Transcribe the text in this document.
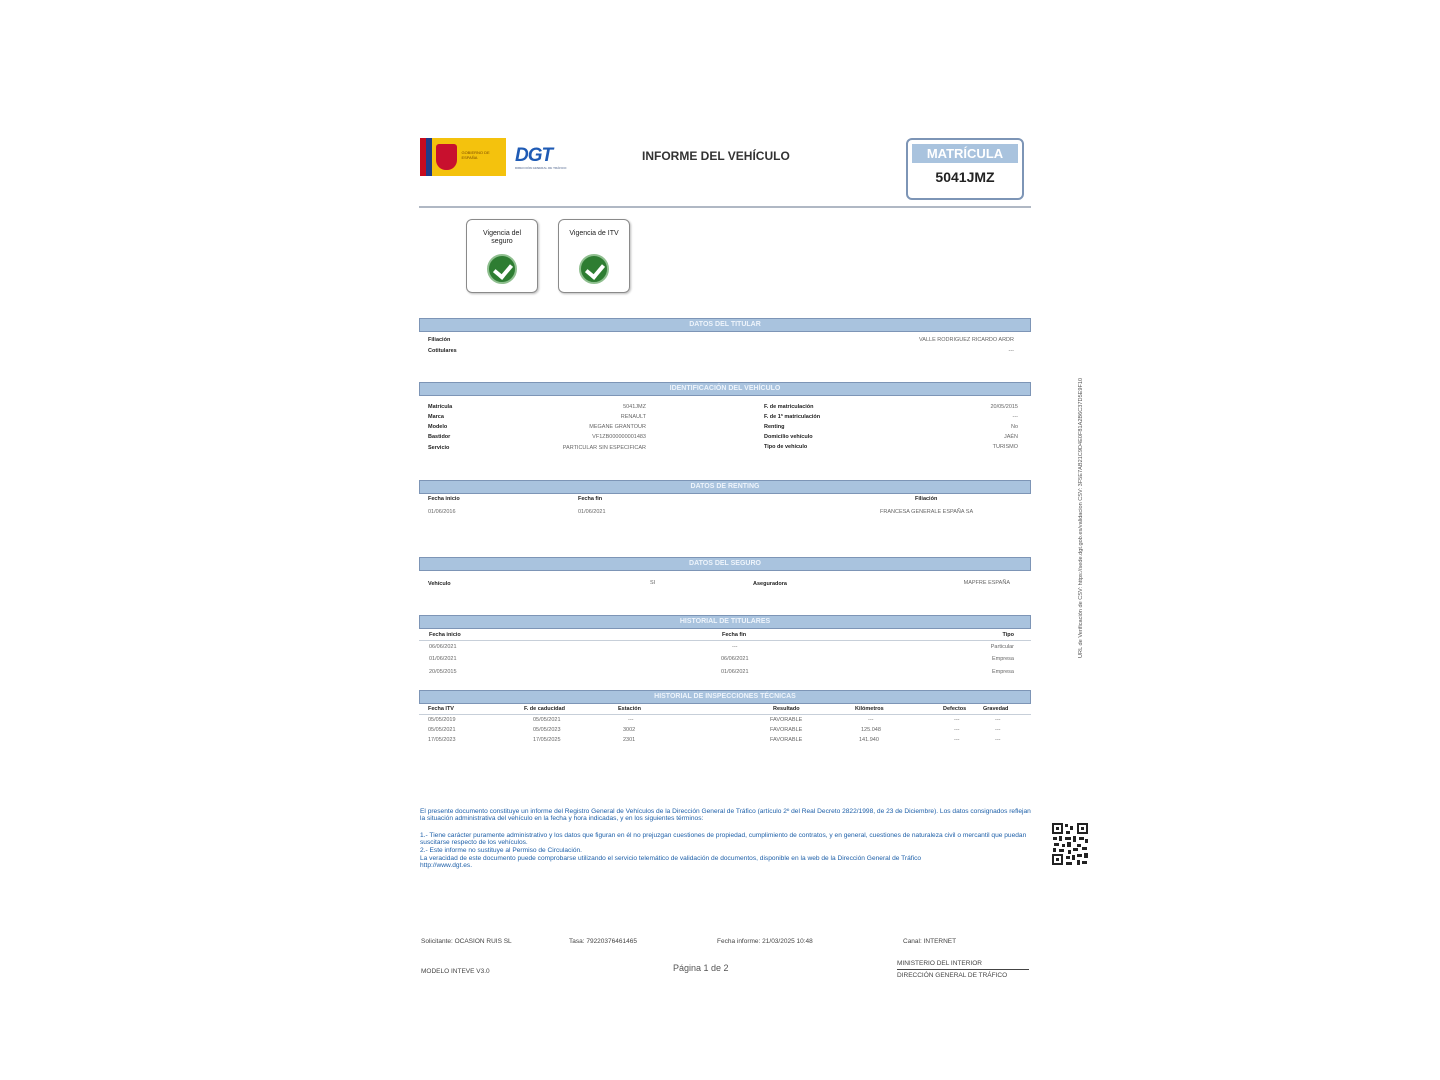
GOBIERNO DE ESPAÑA	DGT
DIRECCIÓN GENERAL DE TRÁFICO
INFORME DEL VEHÍCULO	MATRÍCULA
5041JMZ
Vigencia del seguro
Vigencia de ITV
DATOS DEL TITULAR
Filiación	VALLE RODRIGUEZ RICARDO ARDR
Cotitulares	---
IDENTIFICACIÓN DEL VEHÍCULO
Matrícula	5041JMZ
Marca	RENAULT
Modelo	MEGANE GRANTOUR
Bastidor	VF1ZB000000001483
Servicio	PARTICULAR SIN ESPECIFICAR
F. de matriculación	20/05/2015
F. de 1ª matriculación	---
Renting	No
Domicilio vehículo	JAÉN
Tipo de vehículo	TURISMO
DATOS DE RENTING
Fecha inicio	Fecha fin	Filiación
01/06/2016	01/06/2021	FRANCESA GENERALE ESPAÑA SA
DATOS DEL SEGURO
Vehículo	SI	Aseguradora	MAPFRE ESPAÑA
HISTORIAL DE TITULARES
Fecha inicio	Fecha fin	Tipo
06/06/2021	---	Particular
01/06/2021	06/06/2021	Empresa
20/05/2015	01/06/2021	Empresa
HISTORIAL DE INSPECCIONES TÉCNICAS
Fecha ITV	F. de caducidad	Estación	Resultado	Kilómetros	Defectos	Gravedad
05/05/2019	05/05/2021	---	FAVORABLE	---	---	---
05/05/2021	05/05/2023	3002	FAVORABLE	125.048	---	---
17/05/2023	17/05/2025	2301	FAVORABLE	141.940	---	---
El presente documento constituye un informe del Registro General de Vehículos de la Dirección General de Tráfico (artículo 2º del Real Decreto 2822/1998, de 23 de Diciembre). Los datos consignados reflejan la situación administrativa del vehículo en la fecha y hora indicadas, y en los siguientes términos:
1.- Tiene carácter puramente administrativo y los datos que figuran en él no prejuzgan cuestiones de propiedad, cumplimiento de contratos, y en general, cuestiones de naturaleza civil o mercantil que puedan suscitarse respecto de los vehículos.
2.- Este informe no sustituye al Permiso de Circulación.
La veracidad de este documento puede comprobarse utilizando el servicio telemático de validación de documentos, disponible en la web de la Dirección General de Tráfico http://www.dgt.es.
Solicitante: OCASION RUIS SL	Tasa: 79220376461465	Fecha informe: 21/03/2025 10:48	Canal: INTERNET
MODELO INTEVE V3.0	Página 1 de 2	MINISTERIO DEL INTERIOR
DIRECCIÓN GENERAL DE TRÁFICO
URL de Verificación de CSV: https://sede.dgt.gob.es/validacion CSV: 3F5E7AB21C9D4E0F81A2B6C37D5E9F10
